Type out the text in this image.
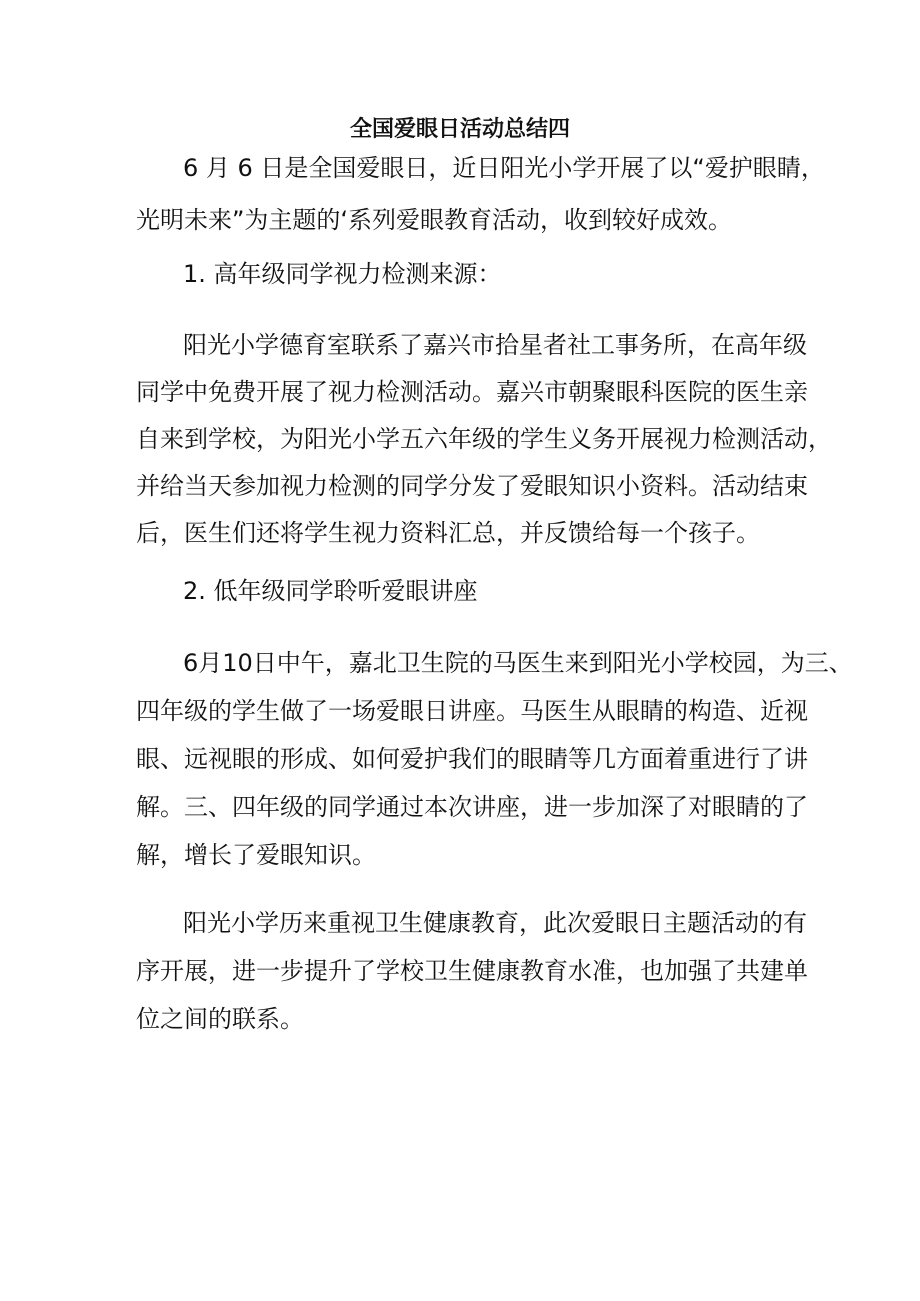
全国爱眼日活动总结四

6 月 6 日是全国爱眼日，近日阳光小学开展了以“爱护眼睛，

光明未来”为主题的‘系列爱眼教育活动，收到较好成效。

1. 高年级同学视力检测来源：

阳光小学德育室联系了嘉兴市拾星者社工事务所，在高年级

同学中免费开展了视力检测活动。嘉兴市朝聚眼科医院的医生亲

自来到学校，为阳光小学五六年级的学生义务开展视力检测活动，

并给当天参加视力检测的同学分发了爱眼知识小资料。活动结束

后，医生们还将学生视力资料汇总，并反馈给每一个孩子。

2. 低年级同学聆听爱眼讲座

6月10日中午，嘉北卫生院的马医生来到阳光小学校园，为三、

四年级的学生做了一场爱眼日讲座。马医生从眼睛的构造、近视

眼、远视眼的形成、如何爱护我们的眼睛等几方面着重进行了讲

解。三、四年级的同学通过本次讲座，进一步加深了对眼睛的了

解，增长了爱眼知识。

阳光小学历来重视卫生健康教育，此次爱眼日主题活动的有

序开展，进一步提升了学校卫生健康教育水准，也加强了共建单

位之间的联系。
